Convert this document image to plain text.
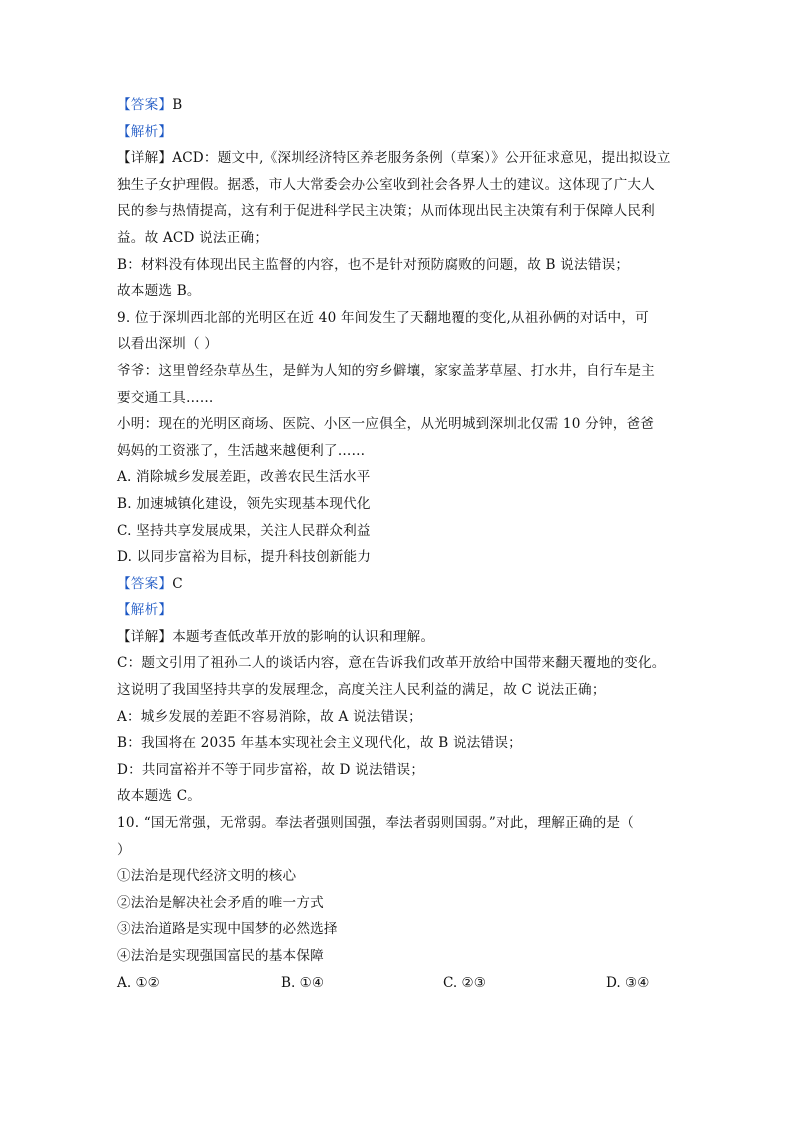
【答案】B
【解析】
【详解】ACD：题文中,《深圳经济特区养老服务条例（草案）》公开征求意见，提出拟设立
独生子女护理假。据悉，市人大常委会办公室收到社会各界人士的建议。这体现了广大人
民的参与热情提高，这有利于促进科学民主决策；从而体现出民主决策有利于保障人民利
益。故 ACD 说法正确；
B：材料没有体现出民主监督的内容，也不是针对预防腐败的问题，故 B 说法错误；
故本题选 B。
9. 位于深圳西北部的光明区在近 40 年间发生了天翻地覆的变化,从祖孙俩的对话中，可
以看出深圳（ ）
爷爷：这里曾经杂草丛生，是鲜为人知的穷乡僻壤，家家盖茅草屋、打水井，自行车是主
要交通工具……
小明：现在的光明区商场、医院、小区一应俱全，从光明城到深圳北仅需 10 分钟，爸爸
妈妈的工资涨了，生活越来越便利了……
A. 消除城乡发展差距，改善农民生活水平
B. 加速城镇化建设，领先实现基本现代化
C. 坚持共享发展成果，关注人民群众利益
D. 以同步富裕为目标，提升科技创新能力
【答案】C
【解析】
【详解】本题考查低改革开放的影响的认识和理解。
C：题文引用了祖孙二人的谈话内容，意在告诉我们改革开放给中国带来翻天覆地的变化。
这说明了我国坚持共享的发展理念，高度关注人民利益的满足，故 C 说法正确；
A：城乡发展的差距不容易消除，故 A 说法错误；
B：我国将在 2035 年基本实现社会主义现代化，故 B 说法错误；
D：共同富裕并不等于同步富裕，故 D 说法错误；
故本题选 C。
10. “国无常强，无常弱。奉法者强则国强，奉法者弱则国弱。”对此，理解正确的是（
）
①法治是现代经济文明的核心
②法治是解决社会矛盾的唯一方式
③法治道路是实现中国梦的必然选择
④法治是实现强国富民的基本保障
A. ①②	B. ①④	C. ②③	D. ③④
